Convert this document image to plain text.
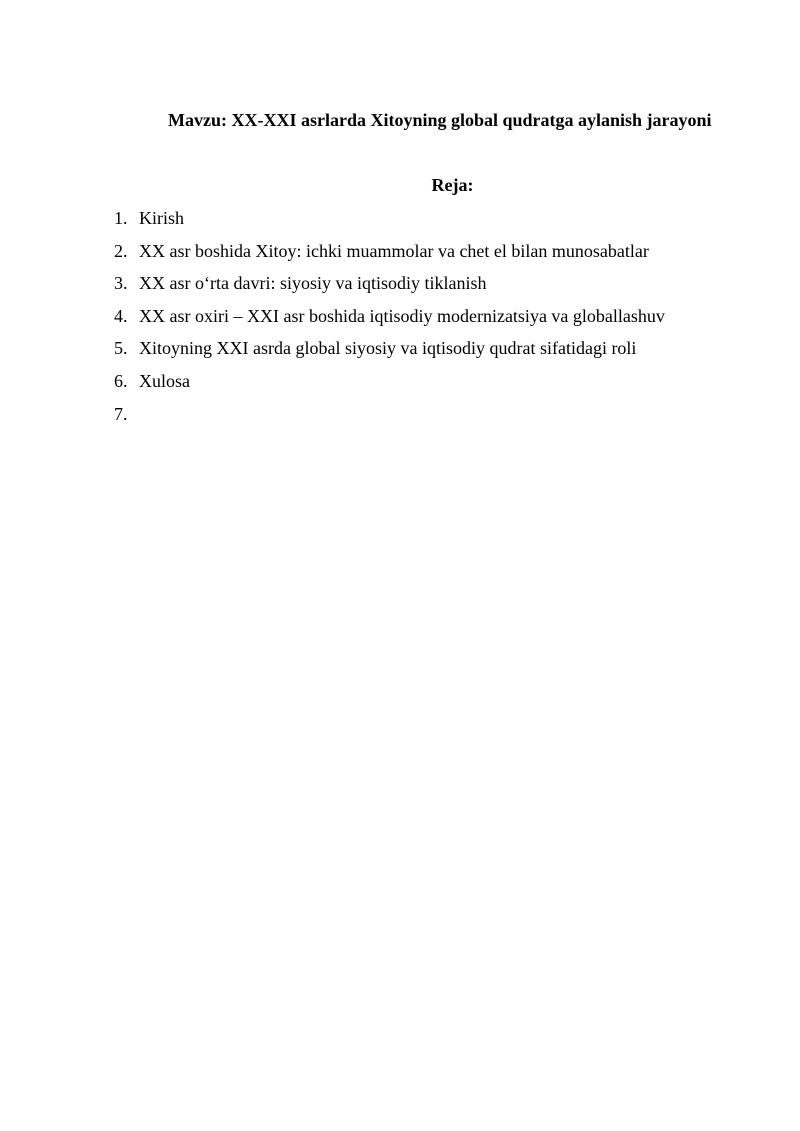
Mavzu: XX-XXI asrlarda Xitoyning global qudratga aylanish jarayoni
Reja:
1. Kirish
2. XX asr boshida Xitoy: ichki muammolar va chet el bilan munosabatlar
3. XX asr o‘rta davri: siyosiy va iqtisodiy tiklanish
4. XX asr oxiri – XXI asr boshida iqtisodiy modernizatsiya va globallashuv
5. Xitoyning XXI asrda global siyosiy va iqtisodiy qudrat sifatidagi roli
6. Xulosa
7.
